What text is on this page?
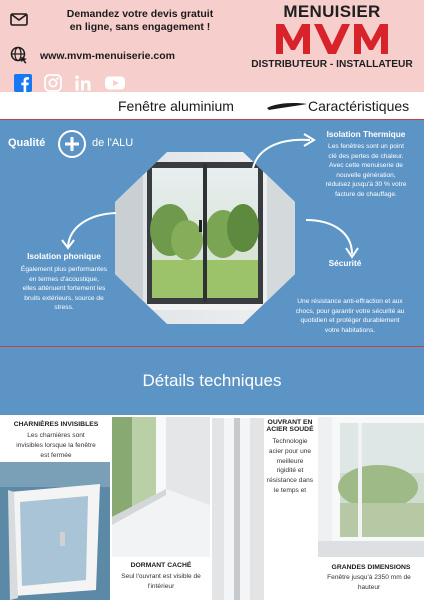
Demandez votre devis gratuit
en ligne, sans engagement !
www.mvm-menuiserie.com
MENUISIER
DISTRIBUTEUR - INSTALLATEUR
Fenêtre aluminium	Caractéristiques
Qualité	de l'ALU
Isolation Thermique
Les fenêtres sont un point
clé des pertes de chaleur.
Avec cette menuiserie de
nouvelle génération,
réduisez jusqu'à 30 % votre
facture de chauffage.
Isolation phonique
Également plus performantes
en termes d'acoustique,
elles atténuent fortement les
bruits extérieurs, source de
stress.
Sécurité
Une résistance anti-effraction et aux
chocs, pour garantir votre sécurité au
quotidien et protéger durablement
votre habitations.
Détails techniques
CHARNIÈRES INVISIBLES
Les charnières sont
invisibles lorsque la fenêtre
est fermée
DORMANT CACHÉ
Seul l'ouvrant est visible de
l'intérieur
OUVRANT EN
ACIER SOUDÉ
Technologie
acier pour une
meilleure
rigidité et
résistance dans
le temps et
GRANDES DIMENSIONS
Fenêtre jusqu'à 2350 mm de
hauteur
